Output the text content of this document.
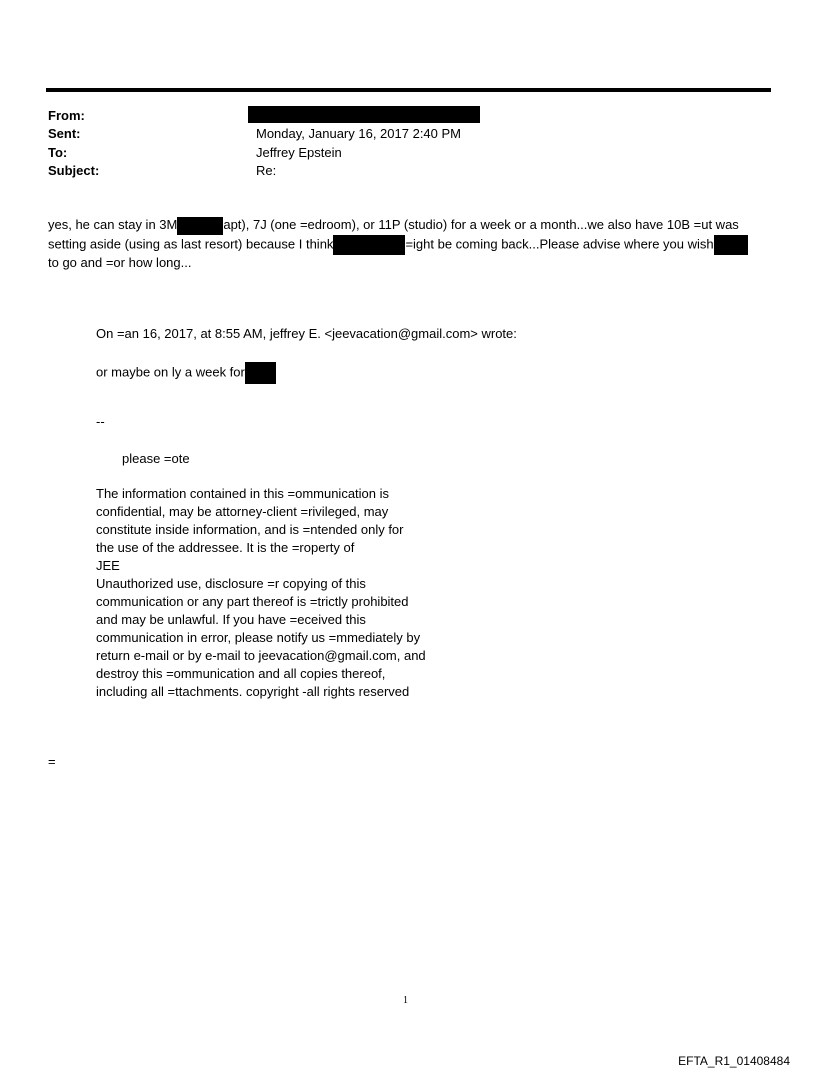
From:
Sent:	Monday, January 16, 2017 2:40 PM
To:	Jeffrey Epstein
Subject:	Re:
yes, he can stay in 3M	apt), 7J (one =edroom), or 11P (studio) for a week or a month...we also have 10B =ut was
setting aside (using as last resort) because I think	=ight be coming back...Please advise where you wish
to go and =or how long...
On =an 16, 2017, at 8:55 AM, jeffrey E. <jeevacation@gmail.com> wrote:
or maybe on ly a week for
--
please =ote
The information contained in this =ommunication is
confidential, may be attorney-client =rivileged, may
constitute inside information, and is =ntended only for
the use of the addressee. It is the =roperty of
JEE
Unauthorized use, disclosure =r copying of this
communication or any part thereof is =trictly prohibited
and may be unlawful. If you have =eceived this
communication in error, please notify us =mmediately by
return e-mail or by e-mail to jeevacation@gmail.com, and
destroy this =ommunication and all copies thereof,
including all =ttachments. copyright -all rights reserved
=
1
EFTA_R1_01408484
